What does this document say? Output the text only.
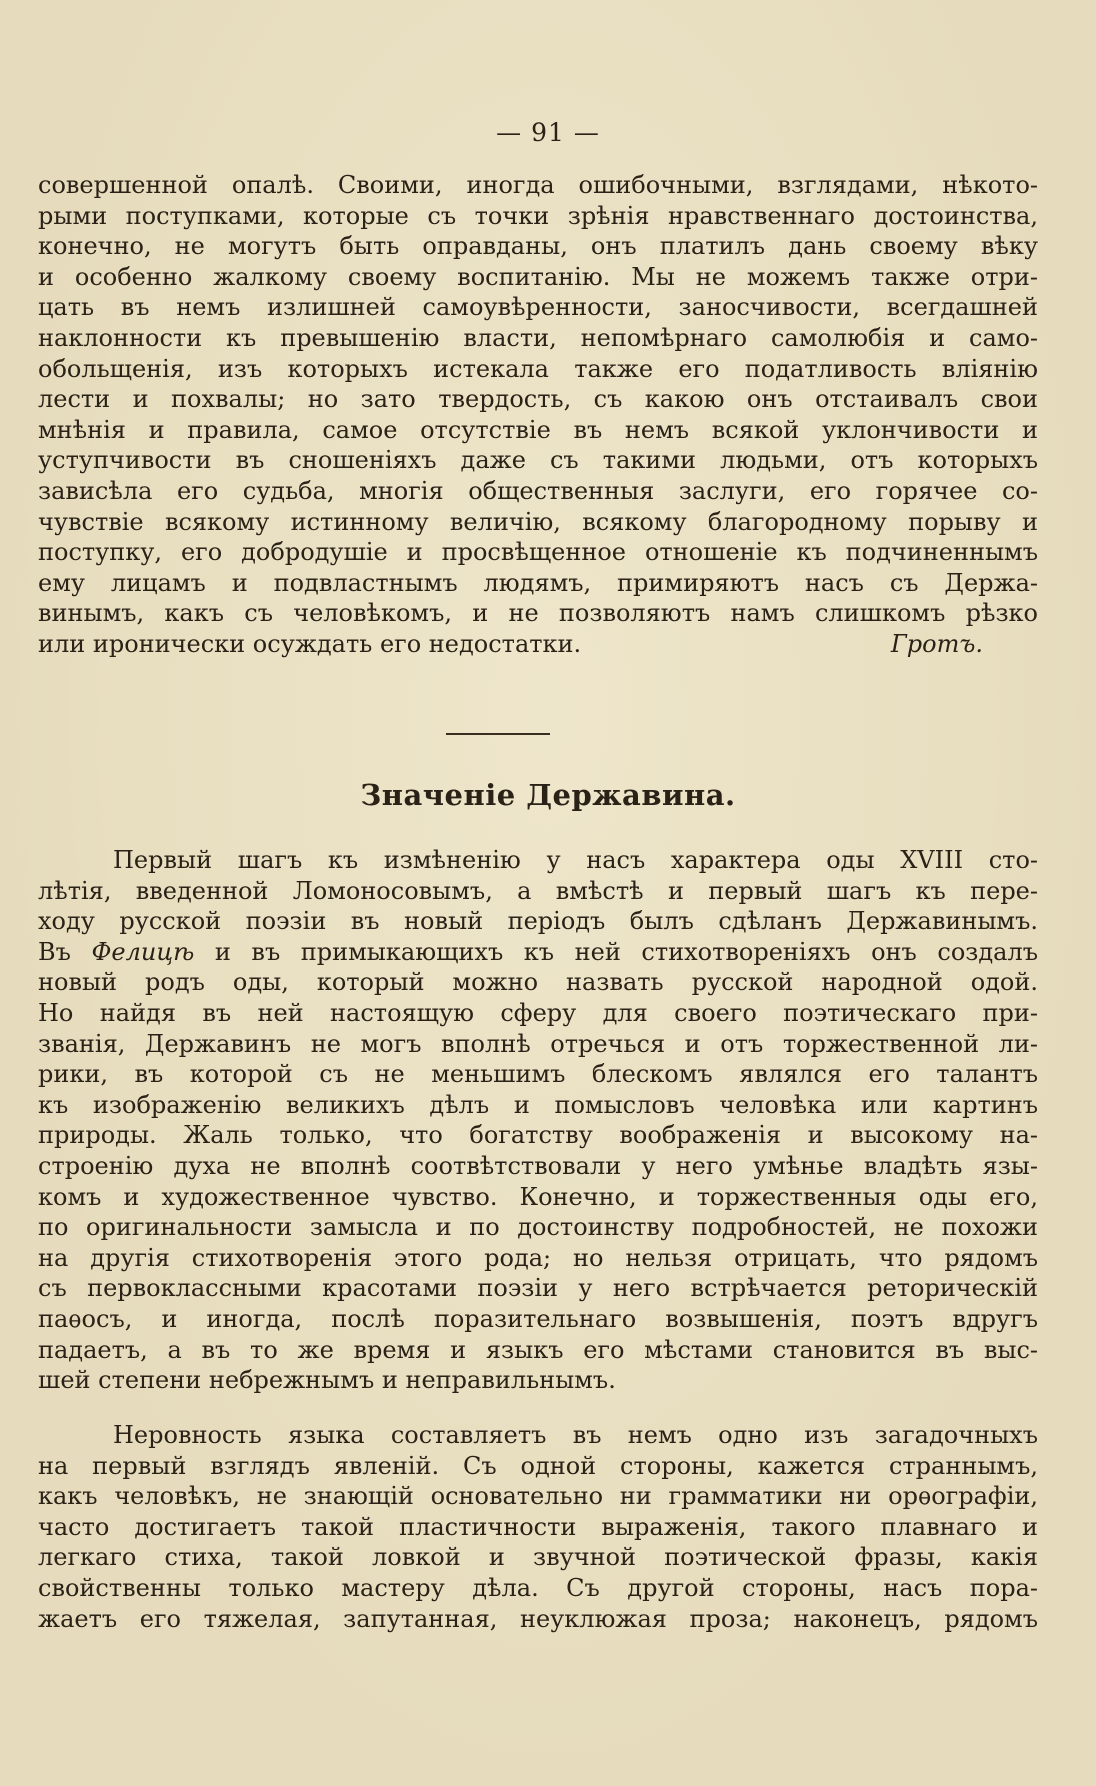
— 91 —
совершенной опалѣ. Своими, иногда ошибочными, взглядами, нѣкото-
рыми поступками, которые съ точки зрѣнія нравственнаго достоинства,
конечно, не могутъ быть оправданы, онъ платилъ дань своему вѣку
и особенно жалкому своему воспитанію. Мы не можемъ также отри-
цать въ немъ излишней самоувѣренности, заносчивости, всегдашней
наклонности къ превышенію власти, непомѣрнаго самолюбія и само-
обольщенія, изъ которыхъ истекала также его податливость вліянію
лести и похвалы; но зато твердость, съ какою онъ отстаивалъ свои
мнѣнія и правила, самое отсутствіе въ немъ всякой уклончивости и
уступчивости въ сношеніяхъ даже съ такими людьми, отъ которыхъ
зависѣла его судьба, многія общественныя заслуги, его горячее со-
чувствіе всякому истинному величію, всякому благородному порыву и
поступку, его добродушіе и просвѣщенное отношеніе къ подчиненнымъ
ему лицамъ и подвластнымъ людямъ, примиряютъ насъ съ Держа-
винымъ, какъ съ человѣкомъ, и не позволяютъ намъ слишкомъ рѣзко
или иронически осуждать его недостатки.	Гротъ.
Значеніе Державина.
Первый шагъ къ измѣненію у насъ характера оды XVIII сто-
лѣтія, введенной Ломоносовымъ, а вмѣстѣ и первый шагъ къ пере-
ходу русской поэзіи въ новый періодъ былъ сдѣланъ Державинымъ.
Въ Фелицѣ и въ примыкающихъ къ ней стихотвореніяхъ онъ создалъ
новый родъ оды, который можно назвать русской народной одой.
Но найдя въ ней настоящую сферу для своего поэтическаго при-
званія, Державинъ не могъ вполнѣ отречься и отъ торжественной ли-
рики, въ которой съ не меньшимъ блескомъ являлся его талантъ
къ изображенію великихъ дѣлъ и помысловъ человѣка или картинъ
природы. Жаль только, что богатству воображенія и высокому на-
строенію духа не вполнѣ соотвѣтствовали у него умѣнье владѣть язы-
комъ и художественное чувство. Конечно, и торжественныя оды его,
по оригинальности замысла и по достоинству подробностей, не похожи
на другія стихотворенія этого рода; но нельзя отрицать, что рядомъ
съ первоклассными красотами поэзіи у него встрѣчается реторическій
паѳосъ, и иногда, послѣ поразительнаго возвышенія, поэтъ вдругъ
падаетъ, а въ то же время и языкъ его мѣстами становится въ выс-
шей степени небрежнымъ и неправильнымъ.
Неровность языка составляетъ въ немъ одно изъ загадочныхъ
на первый взглядъ явленій. Съ одной стороны, кажется страннымъ,
какъ человѣкъ, не знающій основательно ни грамматики ни орѳографіи,
часто достигаетъ такой пластичности выраженія, такого плавнаго и
легкаго стиха, такой ловкой и звучной поэтической фразы, какія
свойственны только мастеру дѣла. Съ другой стороны, насъ пора-
жаетъ его тяжелая, запутанная, неуклюжая проза; наконецъ, рядомъ
